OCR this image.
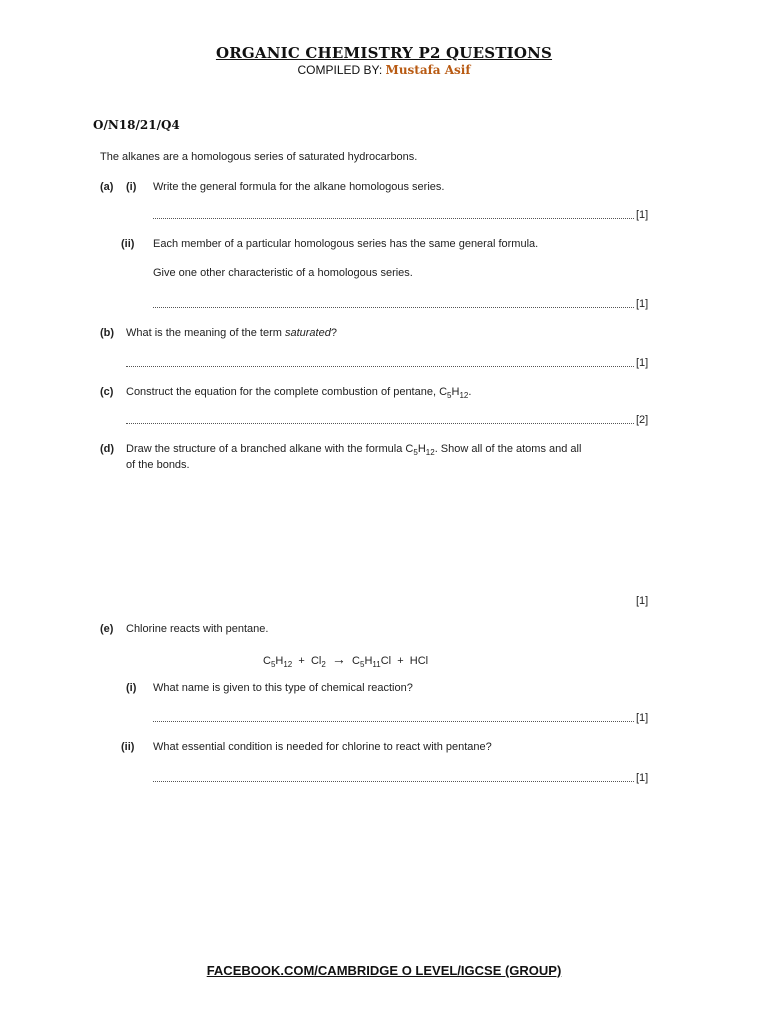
ORGANIC CHEMISTRY P2 QUESTIONS
COMPILED BY: Mustafa Asif
O/N18/21/Q4
The alkanes are a homologous series of saturated hydrocarbons.
(a) (i) Write the general formula for the alkane homologous series.
[1]
(ii) Each member of a particular homologous series has the same general formula.
Give one other characteristic of a homologous series.
[1]
(b) What is the meaning of the term saturated?
[1]
(c) Construct the equation for the complete combustion of pentane, $C_5H_{12}$.
[2]
(d) Draw the structure of a branched alkane with the formula $C_5H_{12}$. Show all of the atoms and all
of the bonds.
[1]
(e) Chlorine reacts with pentane.
$C_5H_{12} + Cl_2 \to C_5H_{11}Cl$ + HCl
(i) What name is given to this type of chemical reaction?
[1]
(ii) What essential condition is needed for chlorine to react with pentane?
[1]
FACEBOOK.COM/CAMBRIDGE O LEVEL/IGCSE (GROUP)
